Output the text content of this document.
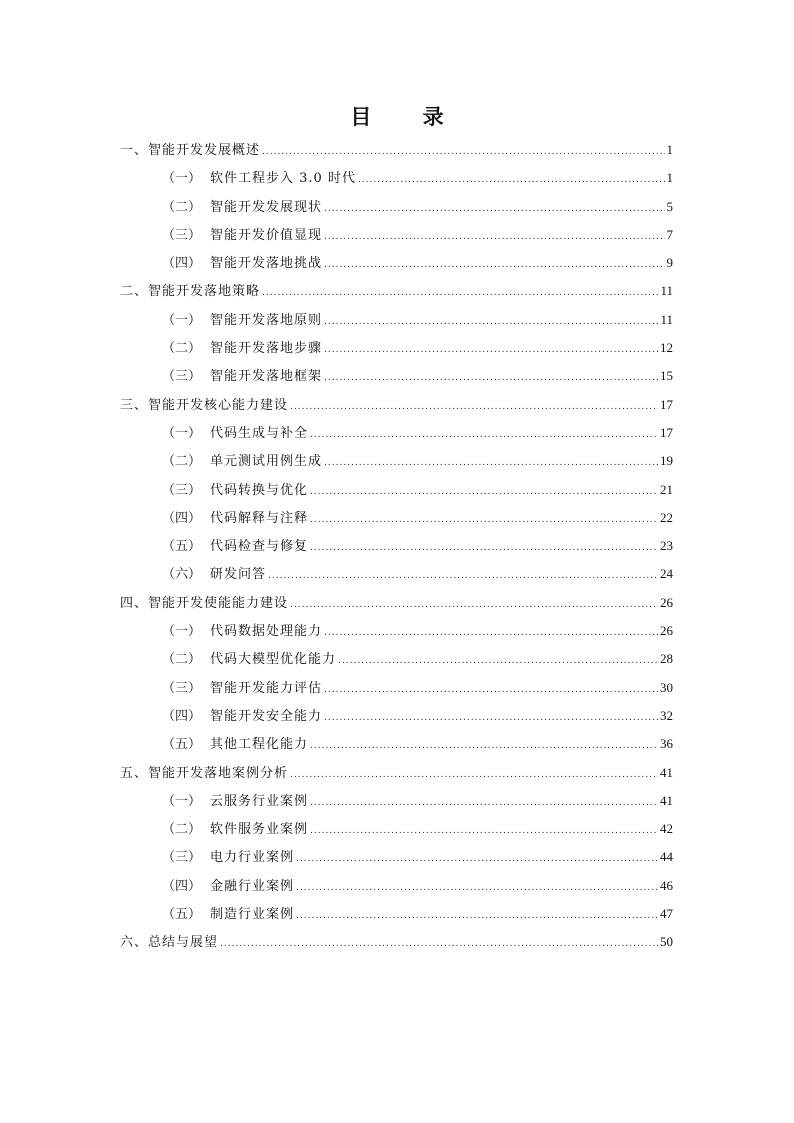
目 录
一、 智能开发发展概述 .....	1
（一） 软件工程步入 3.0 时代 .....	1
（二） 智能开发发展现状 .....	5
（三） 智能开发价值显现 .....	7
（四） 智能开发落地挑战 .....	9
二、 智能开发落地策略 .....	11
（一） 智能开发落地原则 .....	11
（二） 智能开发落地步骤 .....	12
（三） 智能开发落地框架 .....	15
三、 智能开发核心能力建设 .....	17
（一） 代码生成与补全 .....	17
（二） 单元测试用例生成 .....	19
（三） 代码转换与优化 .....	21
（四） 代码解释与注释 .....	22
（五） 代码检查与修复 .....	23
（六） 研发问答 .....	24
四、 智能开发使能能力建设 .....	26
（一） 代码数据处理能力 .....	26
（二） 代码大模型优化能力 .....	28
（三） 智能开发能力评估 .....	30
（四） 智能开发安全能力 .....	32
（五） 其他工程化能力 .....	36
五、 智能开发落地案例分析 .....	41
（一） 云服务行业案例 .....	41
（二） 软件服务业案例 .....	42
（三） 电力行业案例 .....	44
（四） 金融行业案例 .....	46
（五） 制造行业案例 .....	47
六、 总结与展望 .....	50
